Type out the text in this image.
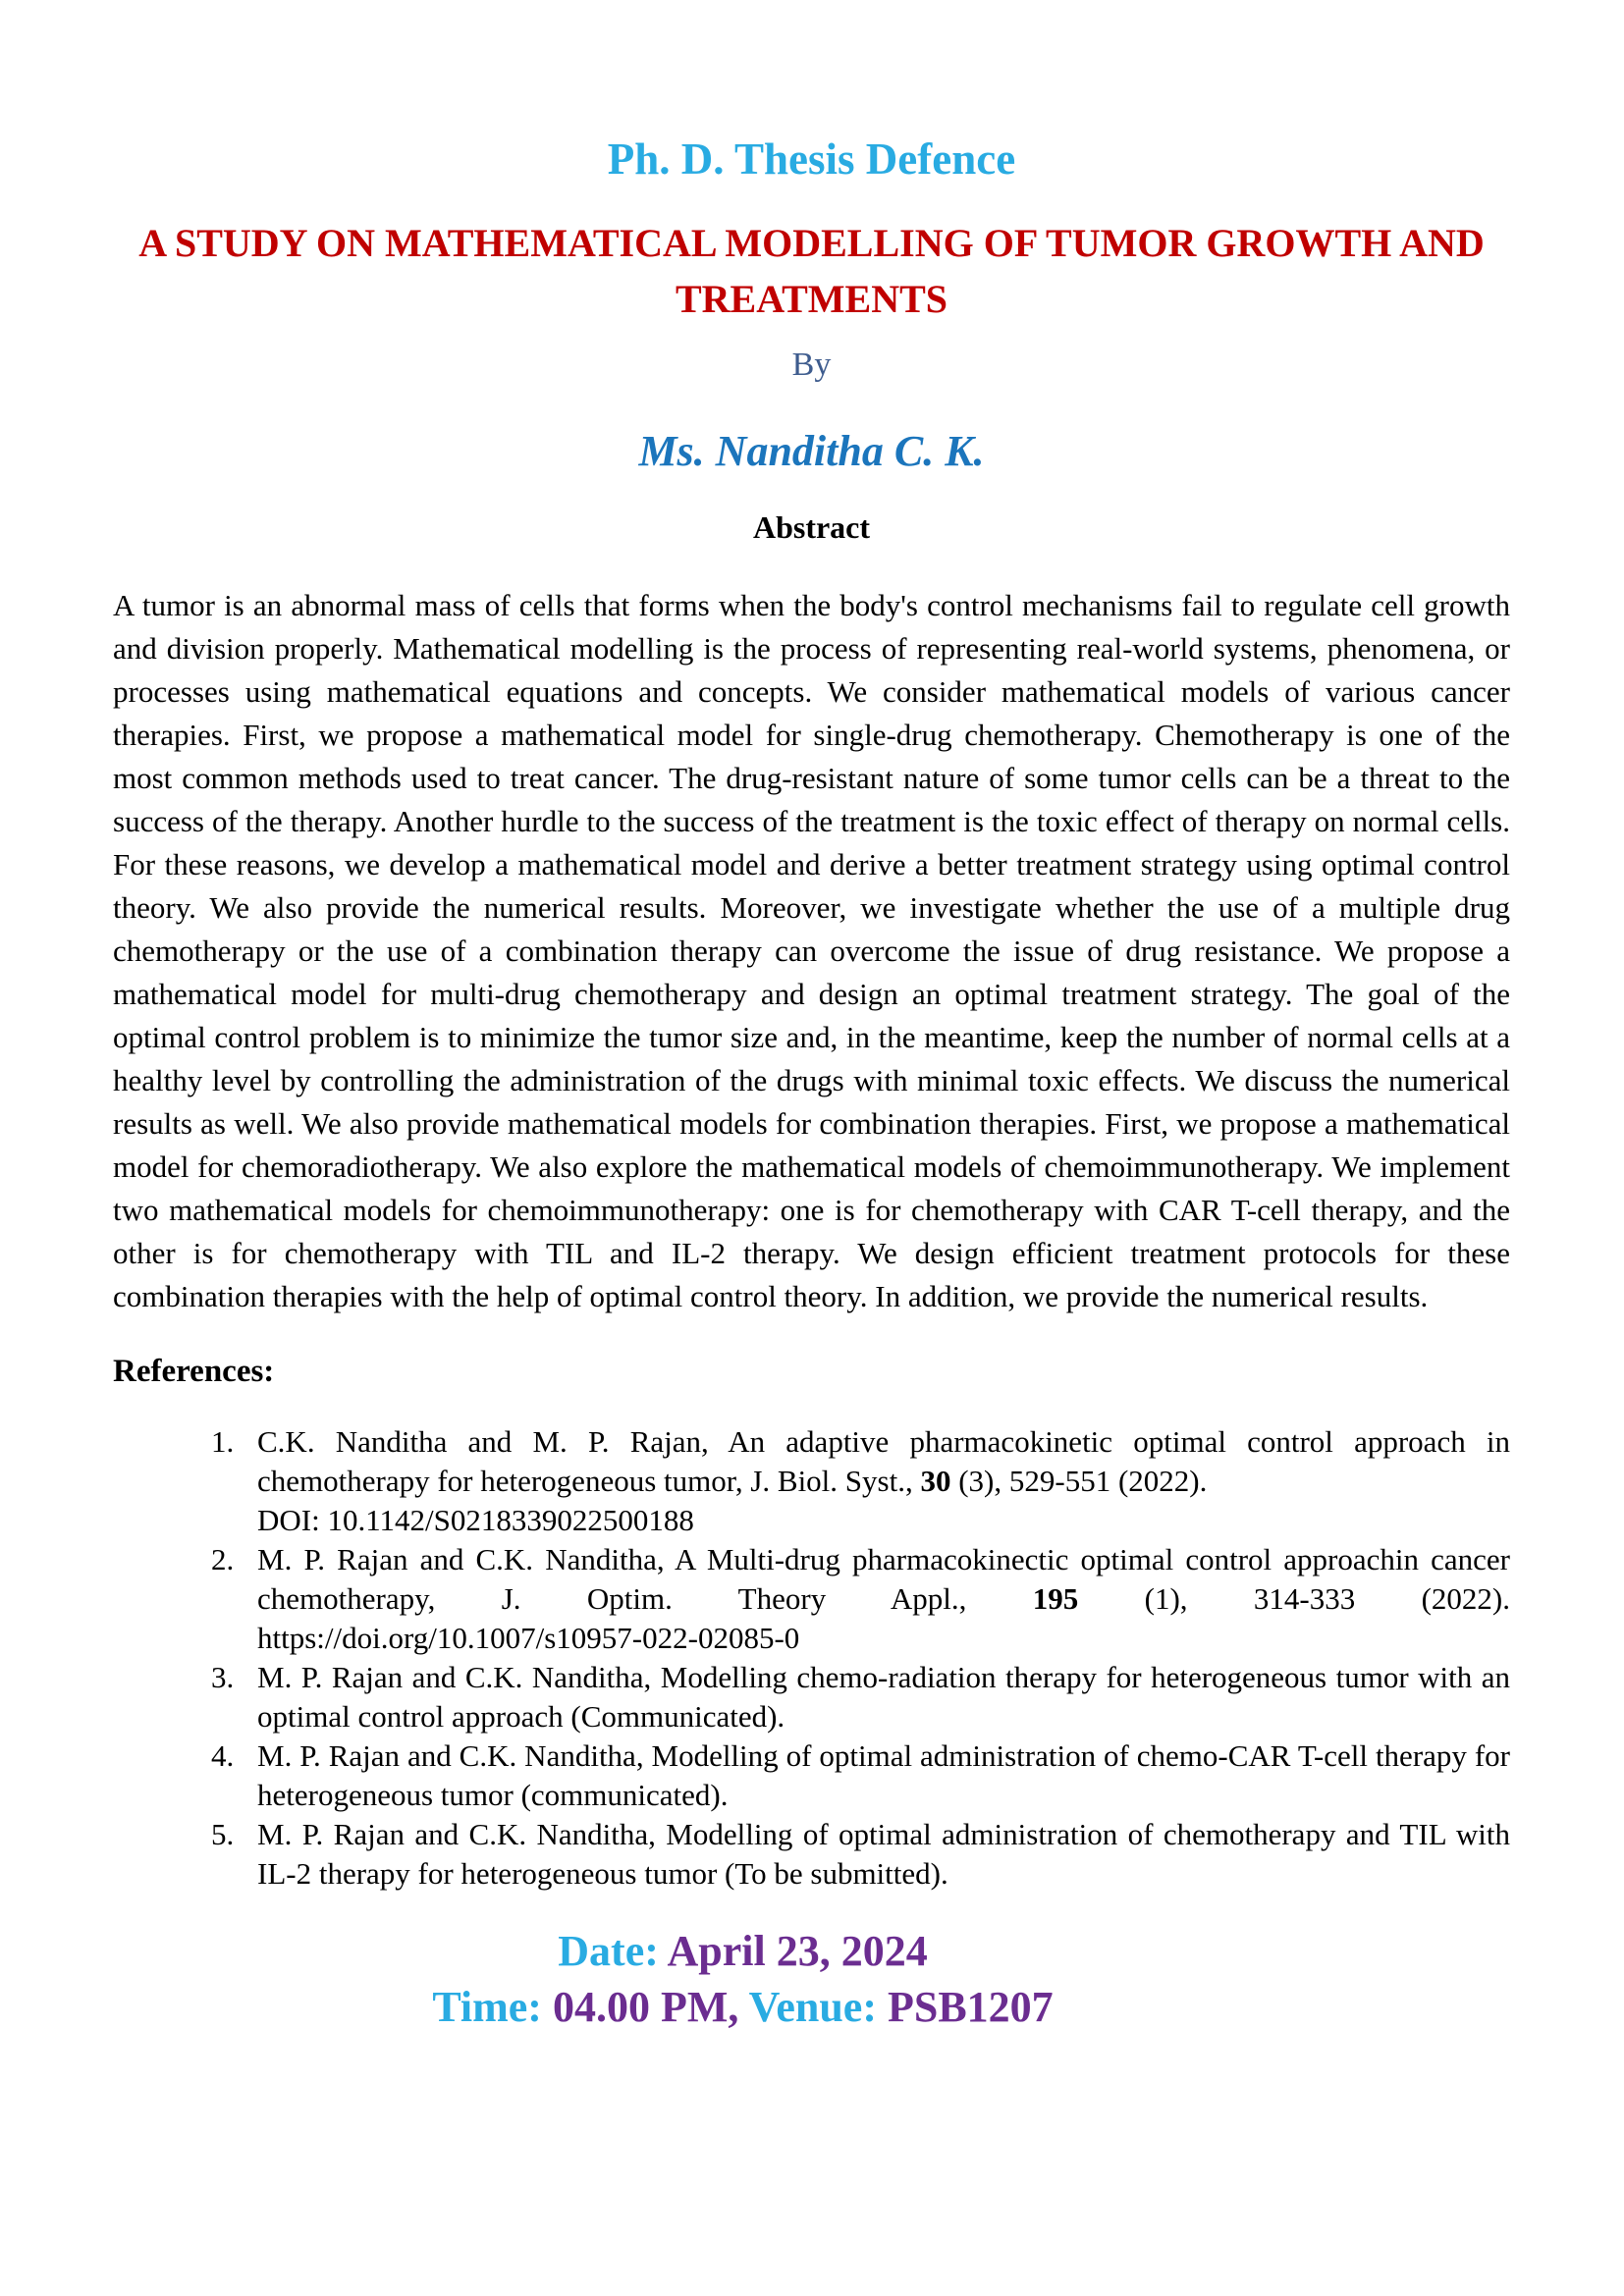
Ph. D. Thesis Defence
A STUDY ON MATHEMATICAL MODELLING OF TUMOR GROWTH AND TREATMENTS
By
Ms. Nanditha C. K.
Abstract

A tumor is an abnormal mass of cells that forms when the body's control mechanisms fail to regulate cell growth and division properly. Mathematical modelling is the process of representing real-world systems, phenomena, or processes using mathematical equations and concepts. We consider mathematical models of various cancer therapies. First, we propose a mathematical model for single-drug chemotherapy. Chemotherapy is one of the most common methods used to treat cancer. The drug-resistant nature of some tumor cells can be a threat to the success of the therapy. Another hurdle to the success of the treatment is the toxic effect of therapy on normal cells. For these reasons, we develop a mathematical model and derive a better treatment strategy using optimal control theory. We also provide the numerical results. Moreover, we investigate whether the use of a multiple drug chemotherapy or the use of a combination therapy can overcome the issue of drug resistance. We propose a mathematical model for multi-drug chemotherapy and design an optimal treatment strategy. The goal of the optimal control problem is to minimize the tumor size and, in the meantime, keep the number of normal cells at a healthy level by controlling the administration of the drugs with minimal toxic effects. We discuss the numerical results as well. We also provide mathematical models for combination therapies. First, we propose a mathematical model for chemoradiotherapy. We also explore the mathematical models of chemoimmunotherapy. We implement two mathematical models for chemoimmunotherapy: one is for chemotherapy with CAR T-cell therapy, and the other is for chemotherapy with TIL and IL-2 therapy. We design efficient treatment protocols for these combination therapies with the help of optimal control theory. In addition, we provide the numerical results.

References:
1. C.K. Nanditha and M. P. Rajan, An adaptive pharmacokinetic optimal control approach in chemotherapy for heterogeneous tumor, J. Biol. Syst., 30 (3), 529-551 (2022).
DOI: 10.1142/S0218339022500188
2. M. P. Rajan and C.K. Nanditha, A Multi-drug pharmacokinectic optimal control approachin cancer chemotherapy, J. Optim. Theory Appl., 195 (1), 314-333 (2022).
https://doi.org/10.1007/s10957-022-02085-0
3. M. P. Rajan and C.K. Nanditha, Modelling chemo-radiation therapy for heterogeneous tumor with an optimal control approach (Communicated).
4. M. P. Rajan and C.K. Nanditha, Modelling of optimal administration of chemo-CAR T-cell therapy for heterogeneous tumor (communicated).
5. M. P. Rajan and C.K. Nanditha, Modelling of optimal administration of chemotherapy and TIL with IL-2 therapy for heterogeneous tumor (To be submitted).
Date: April 23, 2024
Time: 04.00 PM, Venue: PSB1207
